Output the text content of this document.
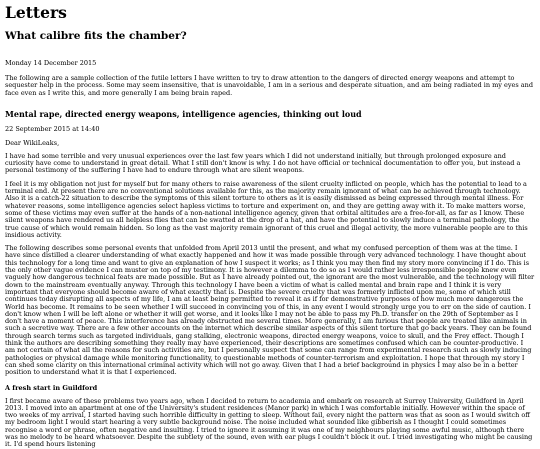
Letters
What calibre fits the chamber?
Monday 14 December 2015

The following are a sample collection of the futile letters I have written to try to draw attention to the dangers of directed energy weapons and attempt to sequester help in the process. Some may seem insensitive, that is unavoidable, I am in a serious and desperate situation, and am being radiated in my eyes and face even as I write this, and more generally I am being brain raped.

Mental rape, directed energy weapons, intelligence agencies, thinking out loud
22 September 2015 at 14:40
Dear WikiLeaks,

I have had some terrible and very unusual experiences over the last few years which I did not understand initially, but through prolonged exposure and curiosity have come to understand in great detail. What I still don't know is why. I do not have official or technical documentation to offer you, but instead a personal testimony of the suffering I have had to endure through what are silent weapons.

I feel it is my obligation not just for myself but for many others to raise awareness of the silent cruelty inflicted on people, which has the potential to lead to a terminal end. At present there are no conventional solutions available for this, as the majority remain ignorant of what can be achieved through technology. Also it is a catch-22 situation to describe the symptoms of this silent torture to others as it is easily dismissed as being expressed through mental illness. For whatever reasons, some intelligence agencies select hapless victims to torture and experiment on, and they are getting away with it. To make matters worse, some of these victims may even suffer at the hands of a non-national intelligence agency, given that orbital altitudes are a free-for-all, as far as I know. These silent weapons have rendered us all helpless flies that can be swatted at the drop of a hat, and have the potential to slowly induce a terminal pathology, the true cause of which would remain hidden. So long as the vast majority remain ignorant of this cruel and illegal activity, the more vulnerable people are to this insidious activity.

The following describes some personal events that unfolded from April 2013 until the present, and what my confused perception of them was at the time. I have since distilled a clearer understanding of what exactly happened and how it was made possible through very advanced technology. I have thought about this technology for a long time and want to give an explanation of how I suspect it works; as I think you may then find my story more convincing if I do. This is the only other vague evidence I can muster on top of my testimony. It is however a dilemma to do so as I would rather less irresponsible people knew even vaguely how dangerous technical feats are made possible. But as I have already pointed out, the ignorant are the most vulnerable, and the technology will filter down to the mainstream eventually anyway. Through this technology I have been a victim of what is called mental and brain rape and I think it is very important that everyone should become aware of what exactly that is. Despite the severe cruelty that was formerly inflicted upon me, some of which still continues today disrupting all aspects of my life, I am at least being permitted to reveal it as if for demonstrative purposes of how much more dangerous the World has become. It remains to be seen whether I will succeed in convincing you of this, in any event I would strongly urge you to err on the side of caution. I don't know when I will be left alone or whether it will get worse, and it looks like I may not be able to pass my Ph.D. transfer on the 29th of September as I don't have a moment of peace. This interference has already obstructed me several times. More generally, I am furious that people are treated like animals in such a secretive way. There are a few other accounts on the internet which describe similar aspects of this silent torture that go back years. They can be found through search terms such as targeted individuals, gang stalking, electronic weapons, directed energy weapons, voice to skull, and the Frey effect. Though I think the authors are describing something they really may have experienced, their descriptions are sometimes confused which can be counter-productive. I am not certain of what all the reasons for such activities are, but I personally suspect that some can range from experimental research such as slowly inducing pathologies or physical damage while monitoring functionality, to questionable methods of counter-terrorism and exploitation. I hope that through my story I can shed some clarity on this international criminal activity which will not go away. Given that I had a brief background in physics I may also be in a better position to understand what it is that I experienced.

A fresh start in Guildford

I first became aware of these problems two years ago, when I decided to return to academia and embark on research at Surrey University, Guildford in April 2013. I moved into an apartment at one of the University's student residences (Manor park) in which I was comfortable initially. However within the space of two weeks of my arrival, I started having such horrible difficulty in getting to sleep. Without fail, every night the pattern was that as soon as I would switch off my bedroom light I would start hearing a very subtle background noise. The noise included what sounded like gibberish as I thought I could sometimes recognise a word or phrase, often negative and insulting. I tried to ignore it assuming it was one of my neighbours playing some awful music, although there was no melody to be heard whatsoever. Despite the subtlety of the sound, even with ear plugs I couldn't block it out. I tried investigating who might be causing it. I'd spend hours listening
